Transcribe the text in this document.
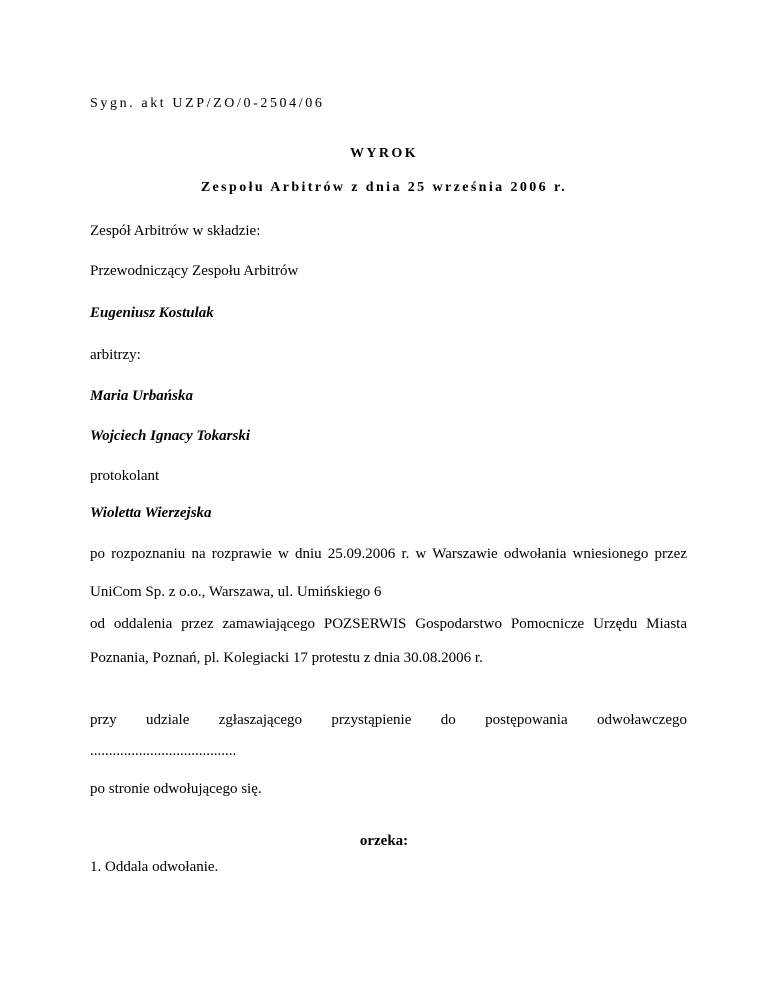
Sygn. akt UZP/ZO/0-2504/06
WYROK
Zespołu Arbitrów z dnia 25 września 2006 r.
Zespół Arbitrów w składzie:
Przewodniczący Zespołu Arbitrów
Eugeniusz Kostulak
arbitrzy:
Maria Urbańska
Wojciech Ignacy Tokarski
protokolant
Wioletta Wierzejska
po rozpoznaniu na rozprawie w dniu 25.09.2006 r. w Warszawie odwołania wniesionego przez
UniCom Sp. z o.o., Warszawa, ul. Umińskiego 6
od oddalenia przez zamawiającego POZSERWIS Gospodarstwo Pomocnicze Urzędu Miasta
Poznania, Poznań, pl. Kolegiacki 17 protestu z dnia 30.08.2006 r.
przy udziale zgłaszającego przystąpienie do postępowania odwoławczego
.......................................
po stronie odwołującego się.
orzeka:
1. Oddala odwołanie.
